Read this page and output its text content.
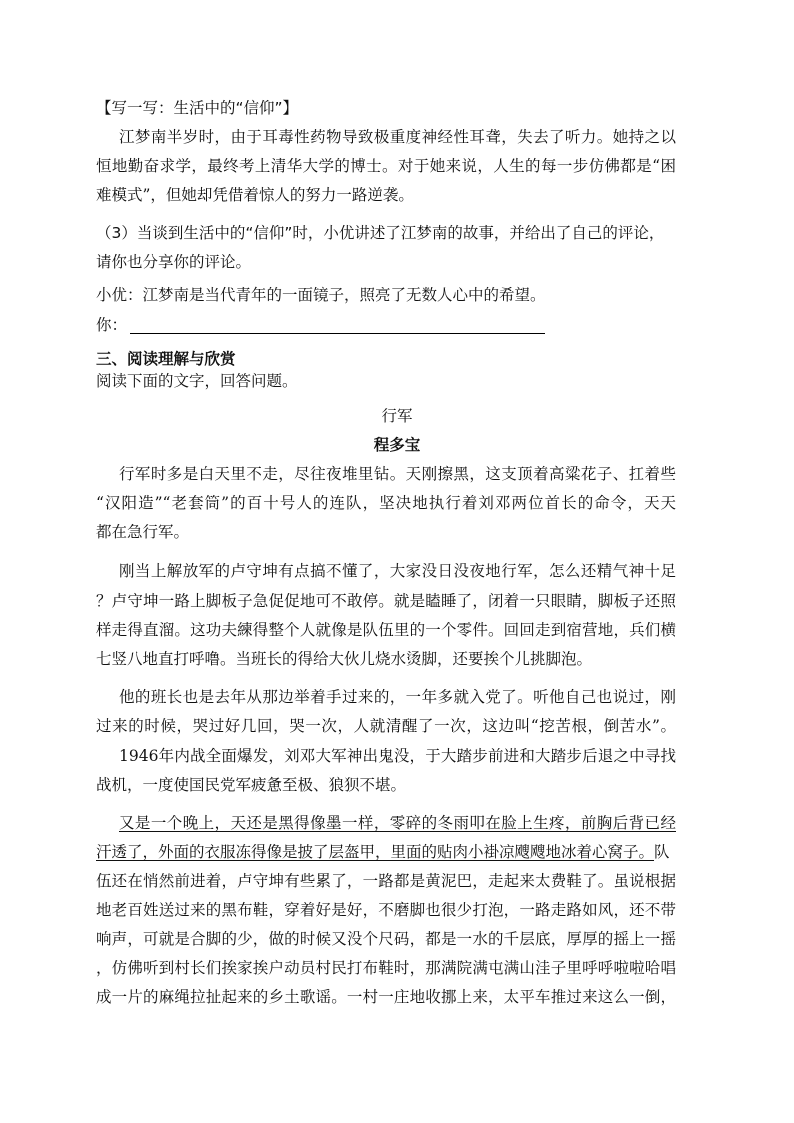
【写一写：生活中的“信仰”】
江梦南半岁时，由于耳毒性药物导致极重度神经性耳聋，失去了听力。她持之以
恒地勤奋求学，最终考上清华大学的博士。对于她来说，人生的每一步仿佛都是“困
难模式”，但她却凭借着惊人的努力一路逆袭。
（3）当谈到生活中的“信仰”时，小优讲述了江梦南的故事，并给出了自己的评论，
请你也分享你的评论。
小优：江梦南是当代青年的一面镜子，照亮了无数人心中的希望。
你：
三、阅读理解与欣赏
阅读下面的文字，回答问题。
行军
程多宝
行军时多是白天里不走，尽往夜堆里钻。天刚擦黑，这支顶着高粱花子、扛着些
“汉阳造”“老套筒”的百十号人的连队，坚决地执行着刘邓两位首长的命令，天天
都在急行军。
刚当上解放军的卢守坤有点搞不懂了，大家没日没夜地行军，怎么还精气神十足
？卢守坤一路上脚板子急促促地可不敢停。就是瞌睡了，闭着一只眼睛，脚板子还照
样走得直溜。这功夫練得整个人就像是队伍里的一个零件。回回走到宿营地，兵们横
七竖八地直打呼噜。当班长的得给大伙儿烧水烫脚，还要挨个儿挑脚泡。
他的班长也是去年从那边举着手过来的，一年多就入党了。听他自己也说过，刚
过来的时候，哭过好几回，哭一次，人就清醒了一次，这边叫“挖苦根，倒苦水”。
1946年内战全面爆发，刘邓大军神出鬼没，于大踏步前进和大踏步后退之中寻找
战机，一度使国民党军疲惫至极、狼狈不堪。
又是一个晚上，天还是黑得像墨一样，零碎的冬雨叩在脸上生疼，前胸后背已经
汗透了，外面的衣服冻得像是披了层盔甲，里面的贴肉小褂凉飕飕地冰着心窝子。队
伍还在悄然前进着，卢守坤有些累了，一路都是黄泥巴，走起来太费鞋了。虽说根据
地老百姓送过来的黑布鞋，穿着好是好，不磨脚也很少打泡，一路走路如风，还不带
响声，可就是合脚的少，做的时候又没个尺码，都是一水的千层底，厚厚的摇上一摇
，仿佛听到村长们挨家挨户动员村民打布鞋时，那满院满屯满山洼子里呼呼啦啦哈唱
成一片的麻绳拉扯起来的乡土歌谣。一村一庄地收挪上来，太平车推过来这么一倒，
